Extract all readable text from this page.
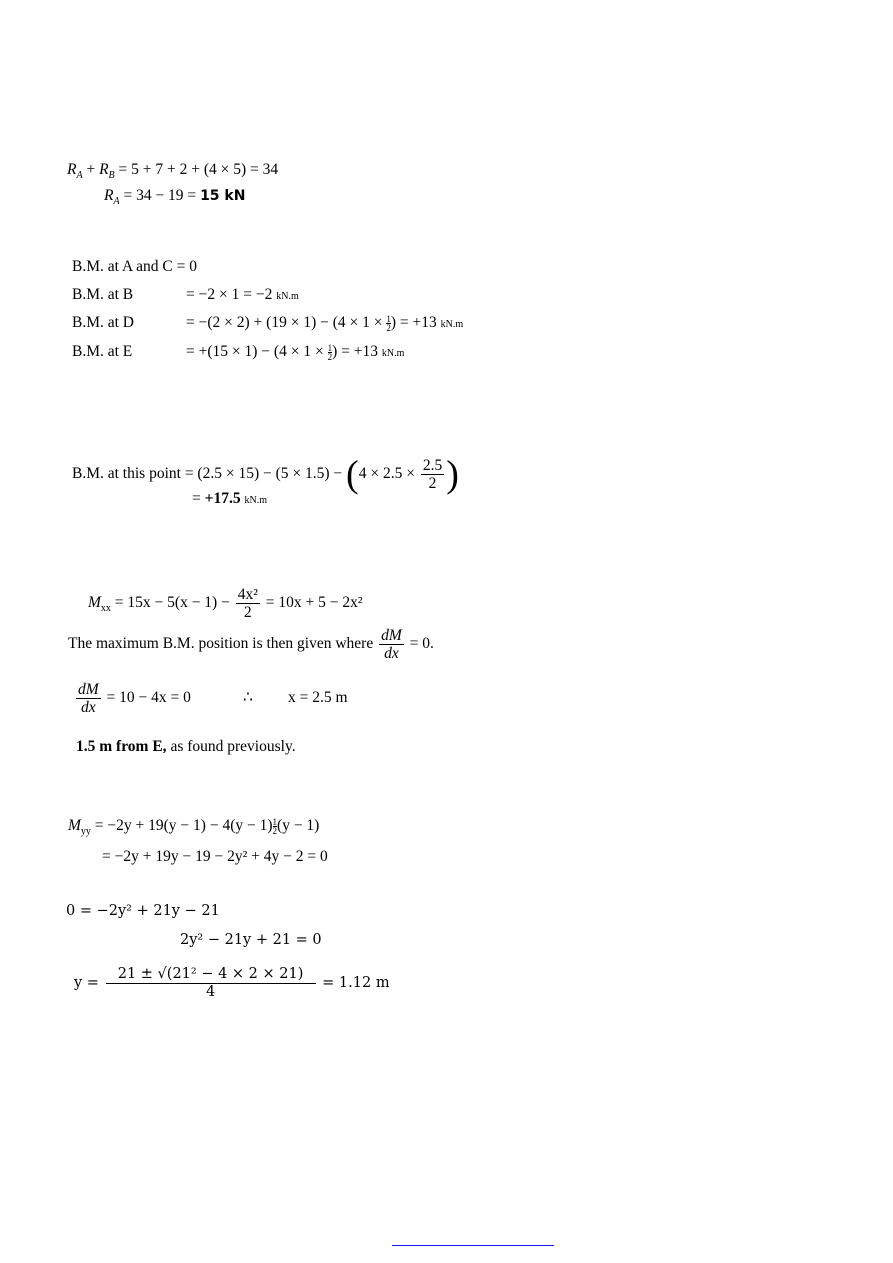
$R_A + R_B = 5 + 7 + 2 + (4 \times 5) = 34$
$R_A = 34 - 19 = 15$ kN
B.M. at A and C = 0
B.M. at B	= −2 × 1 = −2 kN.m
B.M. at D	= $-(2 \times 2) + (19 \times 1) - (4 \times 1 \times \frac{1}{2}$ ) = +13 kN.m
B.M. at E	= $+(15 \times 1) - (4 \times 1 \times \frac{1}{2}$ ) = +13 kN.m
B.M. at this point = $(2.5 \times 15) - (5 \times 1.5) - (4 \times 2.5 \times \frac{2.5}{2}$ )
= +17.5 kN.m
$M_{xx} = 15x - 5(x - 1) - \frac{\text{4x²}}{2} = 10x + 5 - 2x^2$
The maximum B.M. position is then given where $\frac{dM}{dx} = 0$.
$\frac{dM}{dx} = 10 - 4x = 0$	∴ x = 2.5 m
1.5 m from E, as found previously.
$M_{yy} = -2y + 19(y - 1) - 4(y - 1) \frac{1}{2} (y - 1)$
= −2y + 19y − 19 − 2y² + 4y − 2 = 0
0 = −2y² + 21y − 21
2y² − 21y + 21 = 0
$y = \frac{\text{21 ± √(21² − 4 × 2 × 21)}}{4} = 1.12$ m
